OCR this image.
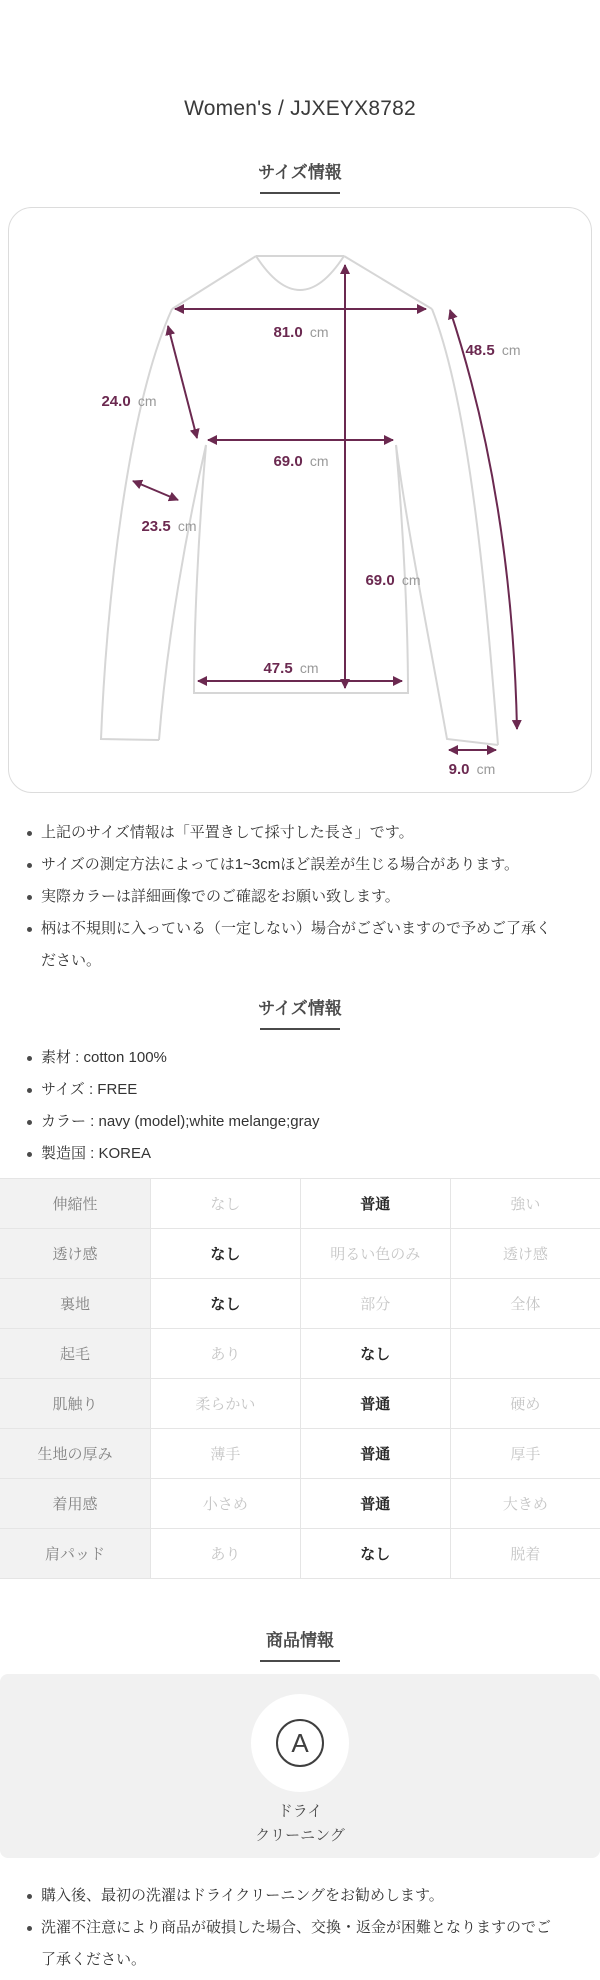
Women's / JJXEYX8782
サイズ情報
81.0 cm
48.5 cm
24.0 cm
69.0 cm
23.5 cm
69.0 cm
47.5 cm
9.0 cm
上記のサイズ情報は「平置きして採寸した長さ」です。
サイズの測定方法によっては1~3cmほど誤差が生じる場合があります。
実際カラーは詳細画像でのご確認をお願い致します。
柄は不規則に入っている（一定しない）場合がございますので予めご了承ください。
サイズ情報
素材 : cotton 100%
サイズ : FREE
カラー : navy (model);white melange;gray
製造国 : KOREA
伸縮性	なし	普通	強い
透け感	なし	明るい色のみ	透け感
裏地	なし	部分	全体
起毛	あり	なし	
肌触り	柔らかい	普通	硬め
生地の厚み	薄手	普通	厚手
着用感	小さめ	普通	大きめ
肩パッド	あり	なし	脱着
商品情報
A
ドライ
クリーニング
購入後、最初の洗濯はドライクリーニングをお勧めします。
洗濯不注意により商品が破損した場合、交換・返金が困難となりますのでご了承ください。
